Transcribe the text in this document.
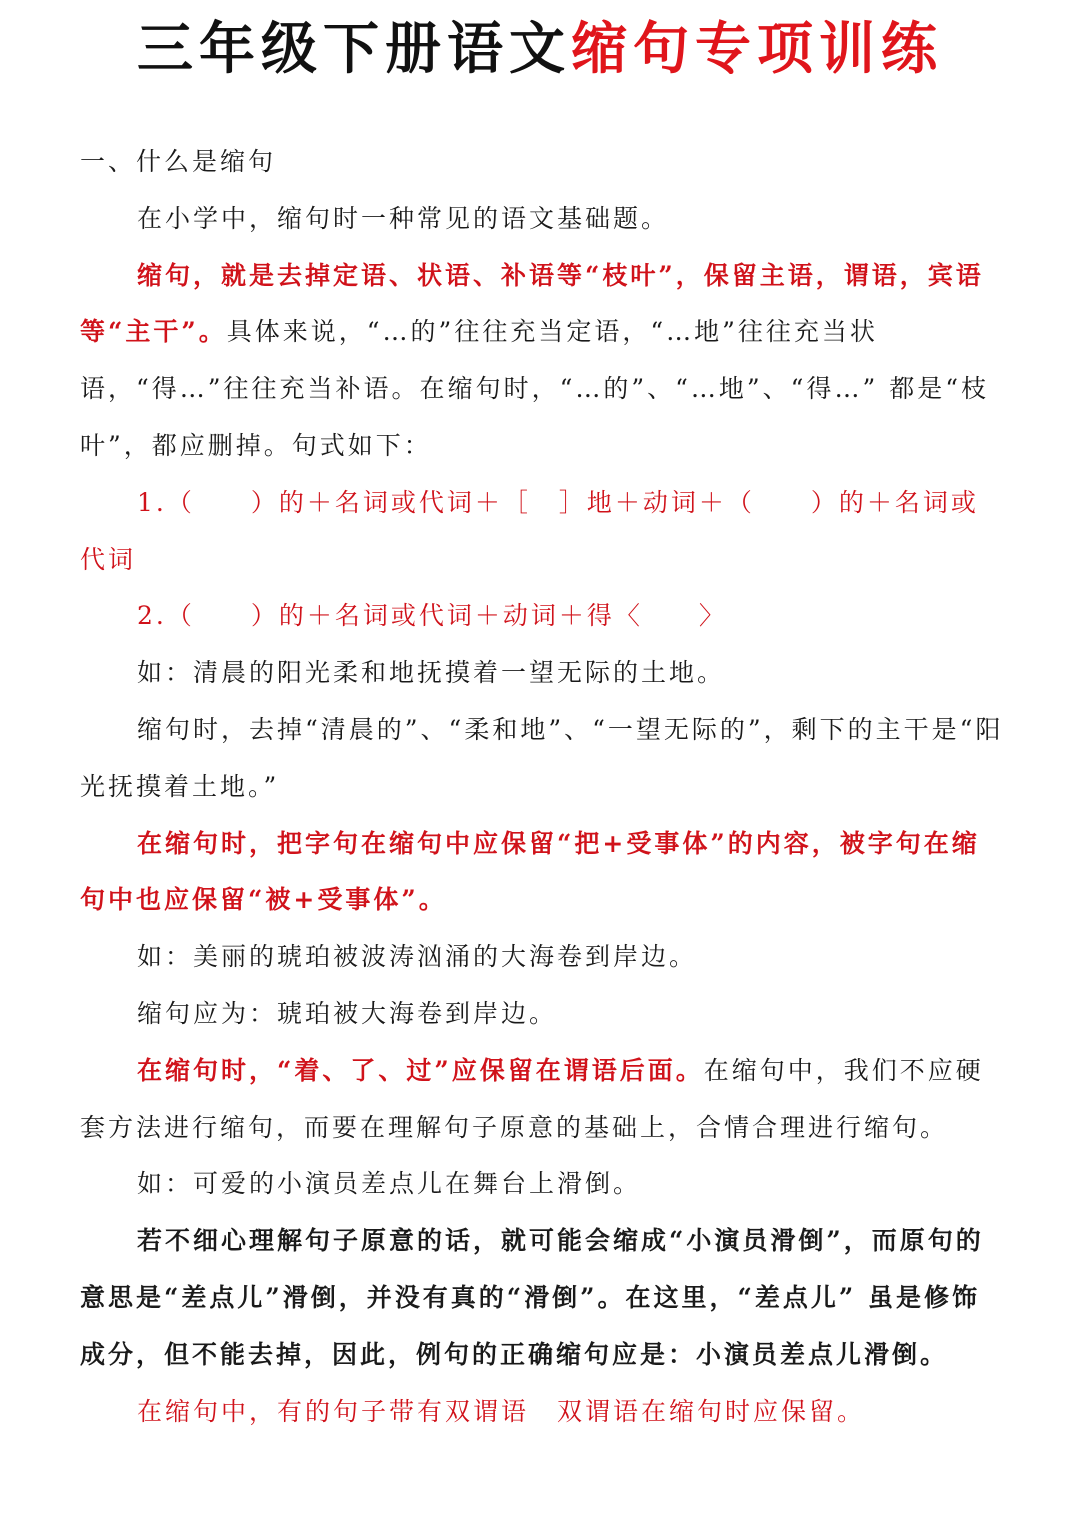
三年级下册语文缩句专项训练

一、什么是缩句

在小学中，缩句时一种常见的语文基础题。

缩句，就是去掉定语、状语、补语等“枝叶”，保留主语，谓语，宾语等“主干”。具体来说，“…的”往往充当定语，“…地”往往充当状语，“得…”往往充当补语。在缩句时，“…的”、“…地”、“得…” 都是“枝叶”，都应删掉。句式如下：

1.（　　）的＋名词或代词＋［　］地＋动词＋（　　）的＋名词或代词

2.（　　）的＋名词或代词＋动词＋得〈　　〉

如：清晨的阳光柔和地抚摸着一望无际的土地。

缩句时，去掉“清晨的”、“柔和地”、“一望无际的”，剩下的主干是“阳光抚摸着土地。”

在缩句时，把字句在缩句中应保留“把+受事体”的内容，被字句在缩句中也应保留“被+受事体”。

如：美丽的琥珀被波涛汹涌的大海卷到岸边。

缩句应为：琥珀被大海卷到岸边。

在缩句时，“着、了、过”应保留在谓语后面。在缩句中，我们不应硬套方法进行缩句，而要在理解句子原意的基础上，合情合理进行缩句。

如：可爱的小演员差点儿在舞台上滑倒。

若不细心理解句子原意的话，就可能会缩成“小演员滑倒”，而原句的意思是“差点儿”滑倒，并没有真的“滑倒”。在这里，“差点儿” 虽是修饰成分，但不能去掉，因此，例句的正确缩句应是：小演员差点儿滑倒。

在缩句中，有的句子带有双谓语　双谓语在缩句时应保留。
